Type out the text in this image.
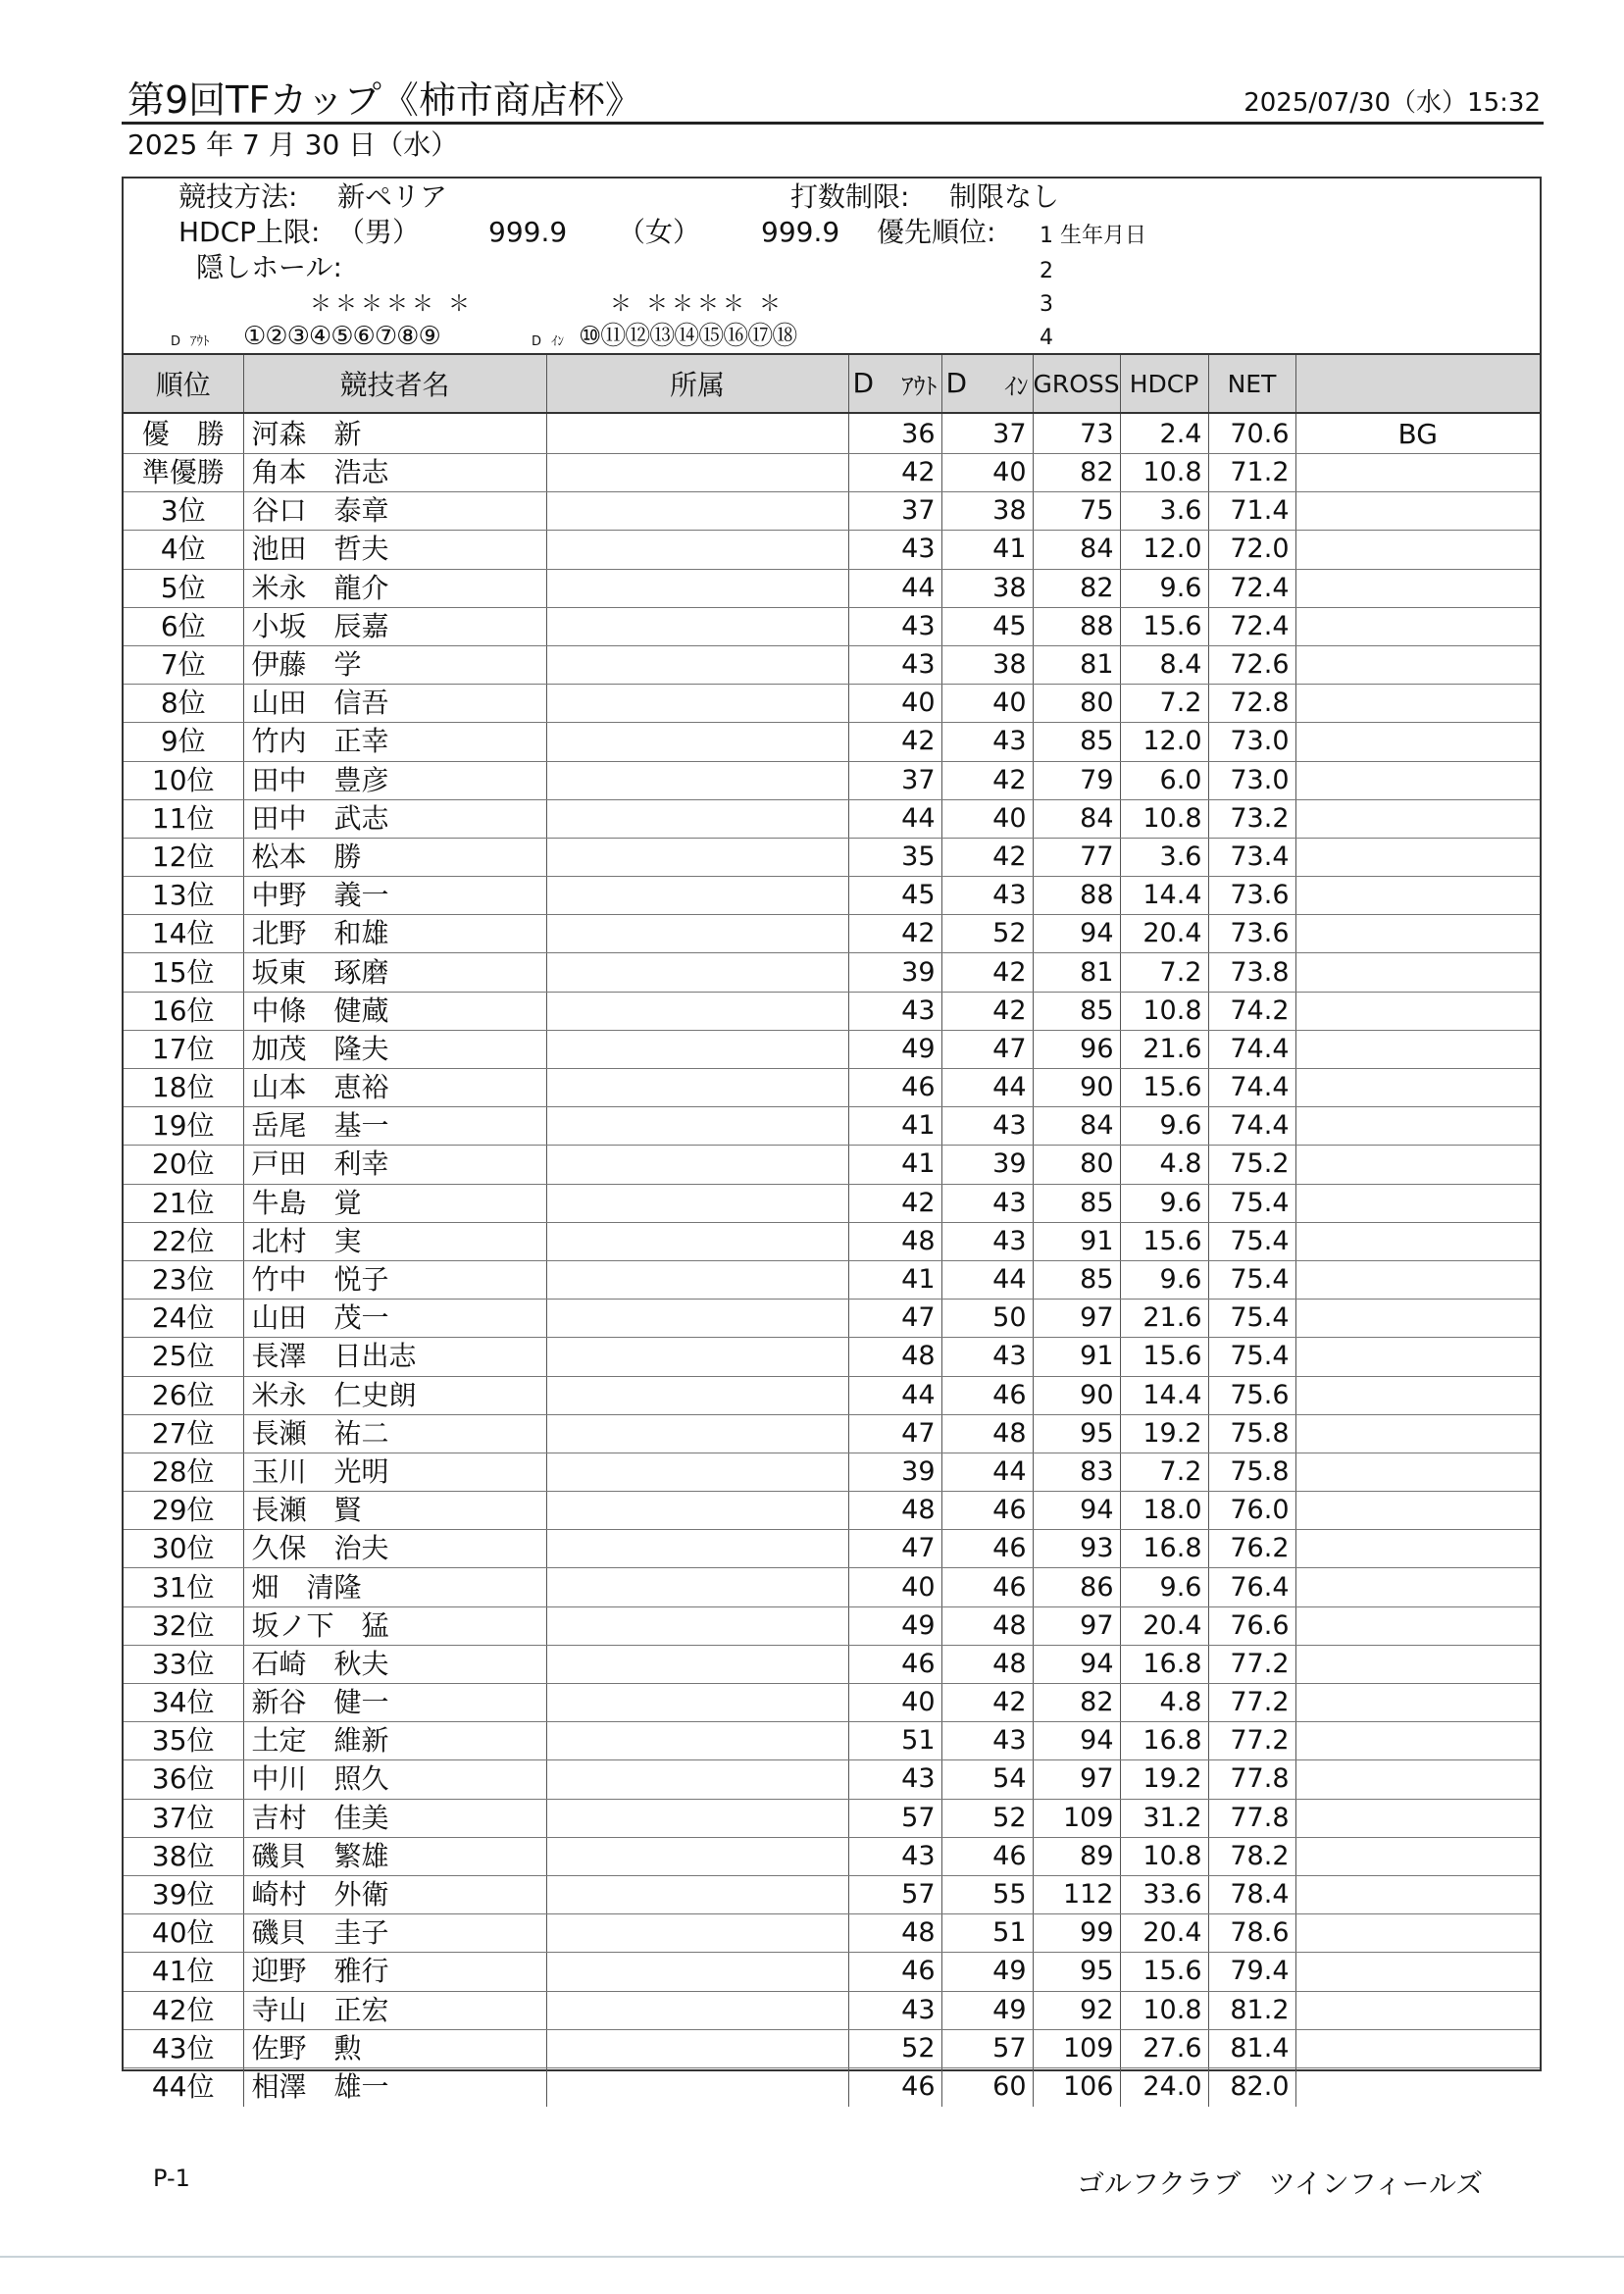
第9回TFカップ《柿市商店杯》	2025/07/30（水）15:32
2025 年 7 月 30 日（水）
競技方法: 新ペリア	打数制限: 制限なし
HDCP上限: （男） 999.9 （女） 999.9 優先順位: 1 生年月日
隠しホール:	2
＊＊＊＊＊ ＊	＊ ＊＊＊＊ ＊	3
D ｱｳﾄ ①②③④⑤⑥⑦⑧⑨	D ｲﾝ ⑩⑪⑫⑬⑭⑮⑯⑰⑱	4
順位	競技者名	所属	D ｱｳﾄ	D ｲﾝ	GROSS	HDCP	NET	
優　勝	河森　新		36	37	73	2.4	70.6	BG
準優勝	角本　浩志		42	40	82	10.8	71.2	
3位	谷口　泰章		37	38	75	3.6	71.4	
4位	池田　哲夫		43	41	84	12.0	72.0	
5位	米永　龍介		44	38	82	9.6	72.4	
6位	小坂　辰嘉		43	45	88	15.6	72.4	
7位	伊藤　学		43	38	81	8.4	72.6	
8位	山田　信吾		40	40	80	7.2	72.8	
9位	竹内　正幸		42	43	85	12.0	73.0	
10位	田中　豊彦		37	42	79	6.0	73.0	
11位	田中　武志		44	40	84	10.8	73.2	
12位	松本　勝		35	42	77	3.6	73.4	
13位	中野　義一		45	43	88	14.4	73.6	
14位	北野　和雄		42	52	94	20.4	73.6	
15位	坂東　琢磨		39	42	81	7.2	73.8	
16位	中條　健蔵		43	42	85	10.8	74.2	
17位	加茂　隆夫		49	47	96	21.6	74.4	
18位	山本　恵裕		46	44	90	15.6	74.4	
19位	岳尾　基一		41	43	84	9.6	74.4	
20位	戸田　利幸		41	39	80	4.8	75.2	
21位	牛島　覚		42	43	85	9.6	75.4	
22位	北村　実		48	43	91	15.6	75.4	
23位	竹中　悦子		41	44	85	9.6	75.4	
24位	山田　茂一		47	50	97	21.6	75.4	
25位	長澤　日出志		48	43	91	15.6	75.4	
26位	米永　仁史朗		44	46	90	14.4	75.6	
27位	長瀬　祐二		47	48	95	19.2	75.8	
28位	玉川　光明		39	44	83	7.2	75.8	
29位	長瀬　賢		48	46	94	18.0	76.0	
30位	久保　治夫		47	46	93	16.8	76.2	
31位	畑　清隆		40	46	86	9.6	76.4	
32位	坂ノ下　猛		49	48	97	20.4	76.6	
33位	石崎　秋夫		46	48	94	16.8	77.2	
34位	新谷　健一		40	42	82	4.8	77.2	
35位	土定　維新		51	43	94	16.8	77.2	
36位	中川　照久		43	54	97	19.2	77.8	
37位	吉村　佳美		57	52	109	31.2	77.8	
38位	磯貝　繁雄		43	46	89	10.8	78.2	
39位	崎村　外衛		57	55	112	33.6	78.4	
40位	磯貝　圭子		48	51	99	20.4	78.6	
41位	迎野　雅行		46	49	95	15.6	79.4	
42位	寺山　正宏		43	49	92	10.8	81.2	
43位	佐野　勲		52	57	109	27.6	81.4	
44位	相澤　雄一		46	60	106	24.0	82.0	
P-1	ゴルフクラブ　ツインフィールズ
